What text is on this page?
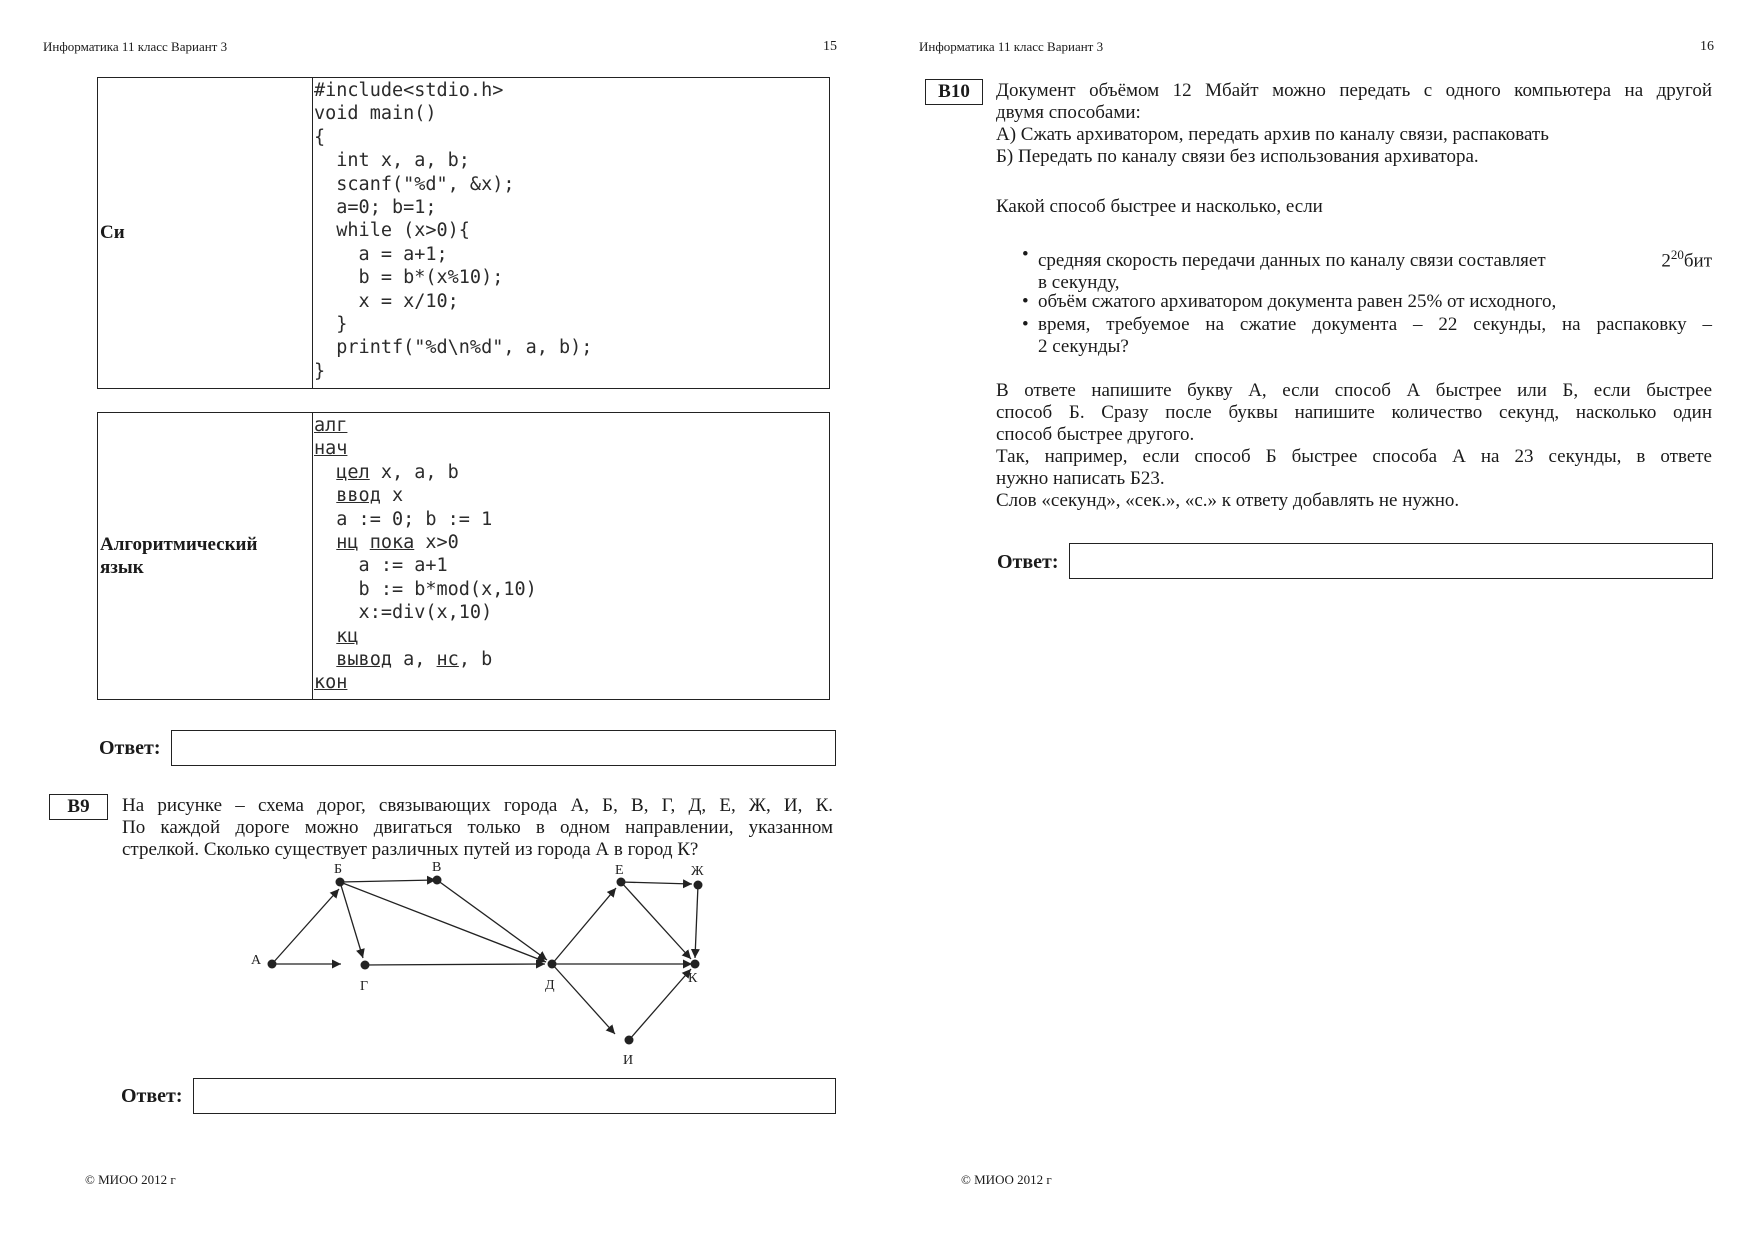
Информатика 11 класс Вариант 3	15
Си
#include<stdio.h>
void main()
{
int x, a, b;
scanf("%d", &x);
a=0; b=1;
while (x>0){
a = a+1;
b = b*(x%10);
x = x/10;
}
printf("%d\n%d", a, b);
}
Алгоритмический
язык
алг
нач
цел x, a, b
ввод x
a := 0; b := 1
нц пока x>0
a := a+1
b := b*mod(x,10)
x:=div(x,10)
кц
вывод a, нс, b
кон
Ответ:
В9	На рисунке – схема дорог, связывающих города А, Б, В, Г, Д, Е, Ж, И, К.
По каждой дороге можно двигаться только в одном направлении, указанном
стрелкой. Сколько существует различных путей из города А в город К?
А
Б	В
Г	Д
Е	Ж
И
К
Ответ:
© МИОО 2012 г
Информатика 11 класс Вариант 3	16
В10	Документ объёмом 12 Мбайт можно передать с одного компьютера на другой
двумя способами:
А) Сжать архиватором, передать архив по каналу связи, распаковать
Б) Передать по каналу связи без использования архиватора.
Какой способ быстрее и насколько, если
• средняя скорость передачи данных по каналу связи составляет	$2^{20}бит$
в секунду,
• объём сжатого архиватором документа равен 25% от исходного,
• время, требуемое на сжатие документа – 22 секунды, на распаковку –
2 секунды?
В ответе напишите букву А, если способ А быстрее или Б, если быстрее
способ Б. Сразу после буквы напишите количество секунд, насколько один
способ быстрее другого.
Так, например, если способ Б быстрее способа А на 23 секунды, в ответе
нужно написать Б23.
Слов «секунд», «сек.», «с.» к ответу добавлять не нужно.
Ответ:
© МИОО 2012 г
